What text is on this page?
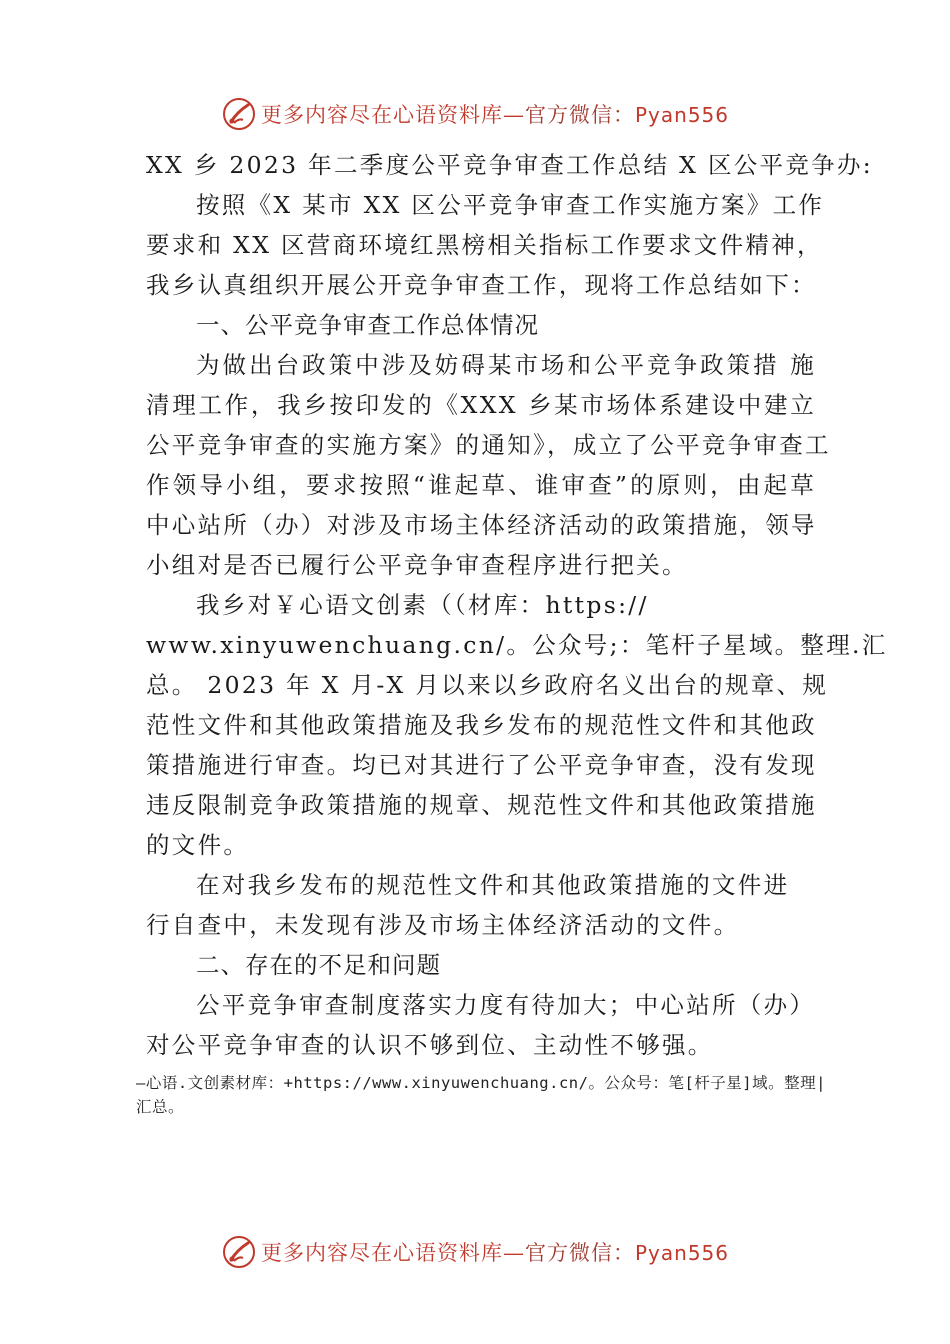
更多内容尽在心语资料库—官方微信：Pyan556
XX 乡 2023 年二季度公平竞争审查工作总结 X 区公平竞争办:
按照《X 某市 XX 区公平竞争审查工作实施方案》工作
要求和 XX 区营商环境红黑榜相关指标工作要求文件精神，
我乡认真组织开展公开竞争审查工作，现将工作总结如下：
一、公平竞争审查工作总体情况
为做出台政策中涉及妨碍某市场和公平竞争政策措 施
清理工作，我乡按印发的《XXX 乡某市场体系建设中建立
公平竞争审查的实施方案》的通知》，成立了公平竞争审查工
作领导小组，要求按照“谁起草、谁审查”的原则，由起草
中心站所（办）对涉及市场主体经济活动的政策措施，领导
小组对是否已履行公平竞争审查程序进行把关。
我乡对￥心语文创素（（材库：https://
www.xinyuwenchuang.cn/。公众号;：笔杆子星域。整理.汇
总。 2023 年 X 月-X 月以来以乡政府名义出台的规章、规
范性文件和其他政策措施及我乡发布的规范性文件和其他政
策措施进行审查。均已对其进行了公平竞争审查，没有发现
违反限制竞争政策措施的规章、规范性文件和其他政策措施
的文件。
在对我乡发布的规范性文件和其他政策措施的文件进
行自查中，未发现有涉及市场主体经济活动的文件。
二、存在的不足和问题
公平竞争审查制度落实力度有待加大；中心站所（办）
对公平竞争审查的认识不够到位、主动性不够强。
—心语.文创素材库：+https://www.xinyuwenchuang.cn/。公众号：笔[杆子星]域。整理|
汇总。
更多内容尽在心语资料库—官方微信：Pyan556
